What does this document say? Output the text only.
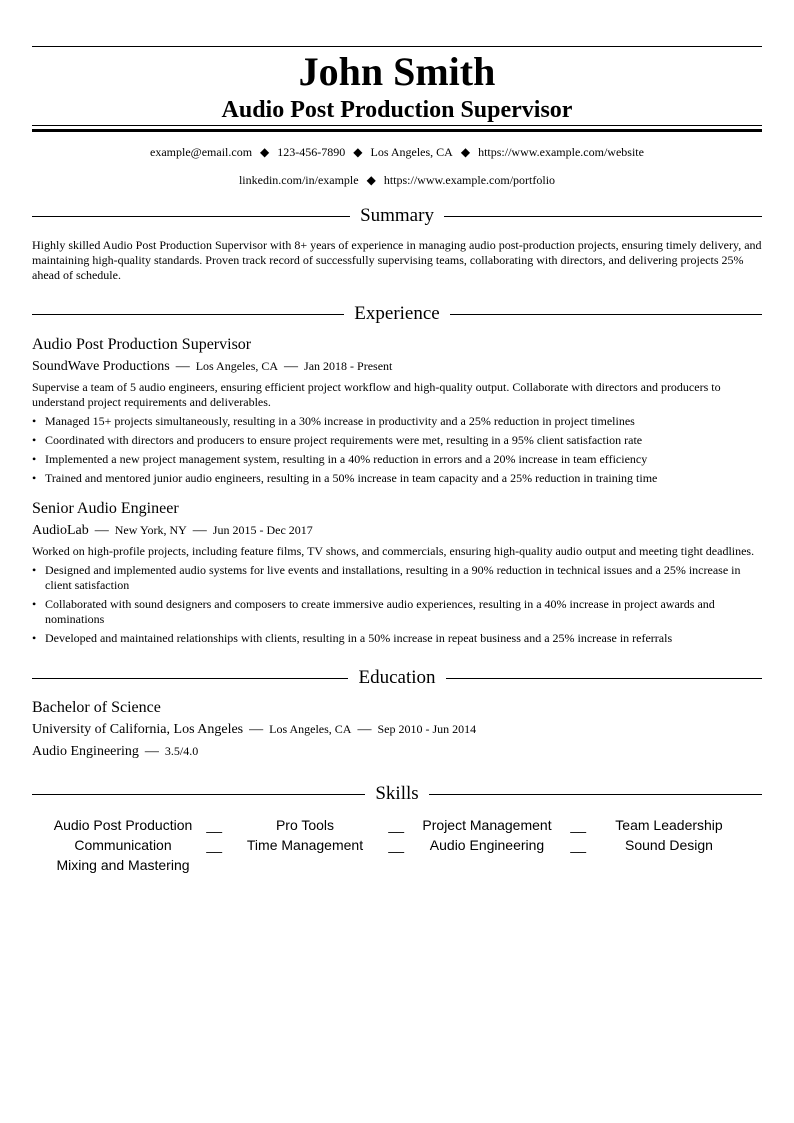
John Smith
Audio Post Production Supervisor
example@email.com ◆ 123-456-7890 ◆ Los Angeles, CA ◆ https://www.example.com/website
linkedin.com/in/example ◆ https://www.example.com/portfolio
Summary
Highly skilled Audio Post Production Supervisor with 8+ years of experience in managing audio post-production projects, ensuring timely delivery, and maintaining high-quality standards. Proven track record of successfully supervising teams, collaborating with directors, and delivering projects 25% ahead of schedule.
Experience
Audio Post Production Supervisor
SoundWave Productions — Los Angeles, CA — Jan 2018 - Present
Supervise a team of 5 audio engineers, ensuring efficient project workflow and high-quality output. Collaborate with directors and producers to understand project requirements and deliverables.
• Managed 15+ projects simultaneously, resulting in a 30% increase in productivity and a 25% reduction in project timelines
• Coordinated with directors and producers to ensure project requirements were met, resulting in a 95% client satisfaction rate
• Implemented a new project management system, resulting in a 40% reduction in errors and a 20% increase in team efficiency
• Trained and mentored junior audio engineers, resulting in a 50% increase in team capacity and a 25% reduction in training time
Senior Audio Engineer
AudioLab — New York, NY — Jun 2015 - Dec 2017
Worked on high-profile projects, including feature films, TV shows, and commercials, ensuring high-quality audio output and meeting tight deadlines.
• Designed and implemented audio systems for live events and installations, resulting in a 90% reduction in technical issues and a 25% increase in client satisfaction
• Collaborated with sound designers and composers to create immersive audio experiences, resulting in a 40% increase in project awards and nominations
• Developed and maintained relationships with clients, resulting in a 50% increase in repeat business and a 25% increase in referrals
Education
Bachelor of Science
University of California, Los Angeles — Los Angeles, CA — Sep 2010 - Jun 2014
Audio Engineering — 3.5/4.0
Skills
Audio Post Production __	Pro Tools	__	Project Management __	Team Leadership
Communication __	Time Management __	Audio Engineering __	Sound Design
Mixing and Mastering
